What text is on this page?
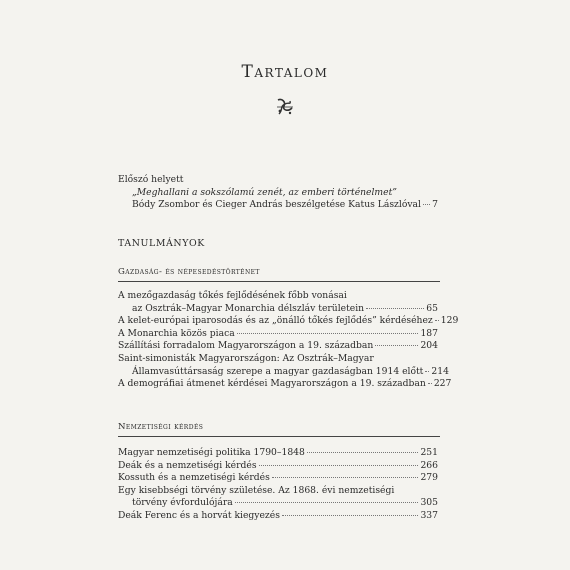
Tartalom
Előszó helyett
„Meghallani a sokszólamú zenét, az emberi történelmet”
Bódy Zsombor és Cieger András beszélgetése Katus Lászlóval 7
TANULMÁNYOK
Gazdaság- és népesedéstörténet
A mezőgazdaság tőkés fejlődésének főbb vonásai
az Osztrák–Magyar Monarchia délszláv területein	65
A kelet-európai iparosodás és az „önálló tőkés fejlődés” kérdéséhez 129
A Monarchia közös piaca	187
Szállítási forradalom Magyarországon a 19. században	204
Saint-simonisták Magyarországon: Az Osztrák–Magyar
Államvasúttársaság szerepe a magyar gazdaságban 1914 előtt 214
A demográfiai átmenet kérdései Magyarországon a 19. században 227
Nemzetiségi kérdés
Magyar nemzetiségi politika 1790–1848	251
Deák és a nemzetiségi kérdés	266
Kossuth és a nemzetiségi kérdés	279
Egy kisebbségi törvény születése. Az 1868. évi nemzetiségi
törvény évfordulójára	305
Deák Ferenc és a horvát kiegyezés	337
